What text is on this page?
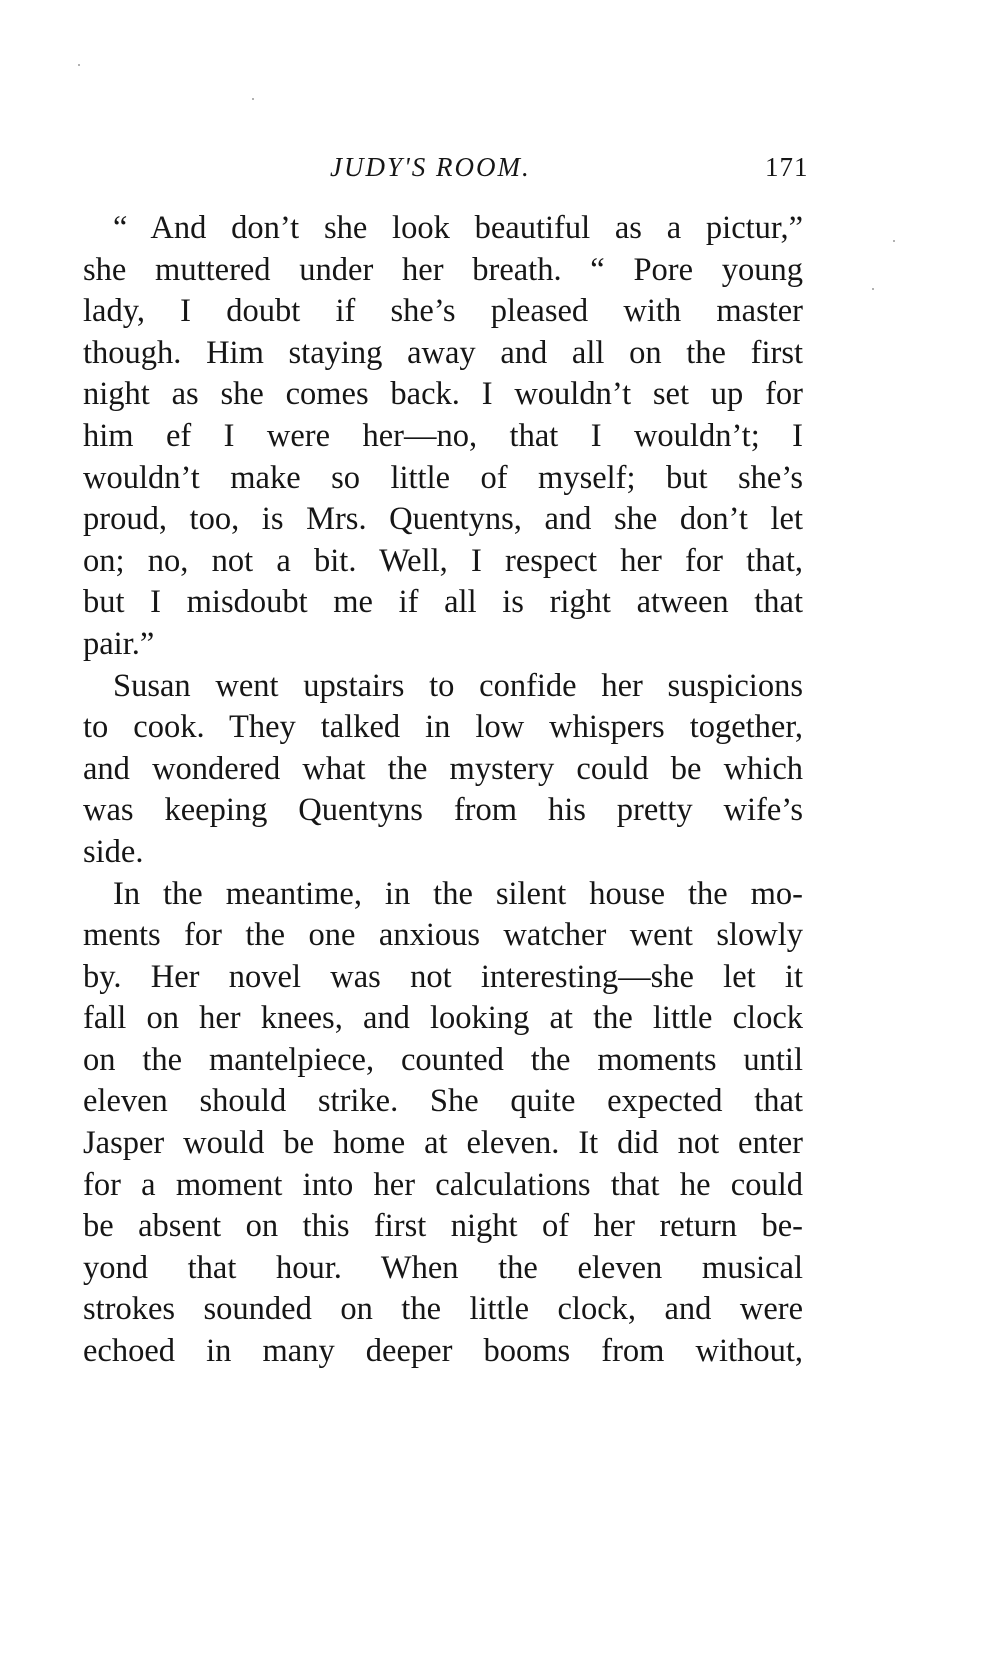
JUDY'S ROOM.	171
“ And don’t she look beautiful as a pictur,”
she muttered under her breath. “ Pore young
lady, I doubt if she’s pleased with master
though. Him staying away and all on the first
night as she comes back. I wouldn’t set up for
him ef I were her—no, that I wouldn’t; I
wouldn’t make so little of myself; but she’s
proud, too, is Mrs. Quentyns, and she don’t let
on; no, not a bit. Well, I respect her for that,
but I misdoubt me if all is right atween that
pair.”
Susan went upstairs to confide her suspicions
to cook. They talked in low whispers together,
and wondered what the mystery could be which
was keeping Quentyns from his pretty wife’s
side.
In the meantime, in the silent house the mo-
ments for the one anxious watcher went slowly
by. Her novel was not interesting—she let it
fall on her knees, and looking at the little clock
on the mantelpiece, counted the moments until
eleven should strike. She quite expected that
Jasper would be home at eleven. It did not enter
for a moment into her calculations that he could
be absent on this first night of her return be-
yond that hour. When the eleven musical
strokes sounded on the little clock, and were
echoed in many deeper booms from without,
